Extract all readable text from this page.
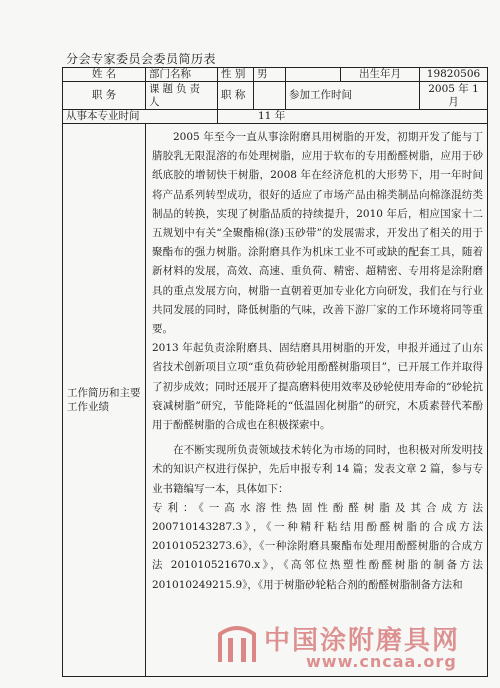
分会专家委员会委员简历表
姓 名	部门名称	性 别	男		出生年月	19820506
职 务	课题负责人	职 称		参加工作时间		2005 年 1 月
从事本专业时间		11 年				
工作简历和主要工作业绩	2005 年至今一直从事涂附磨具用树脂的开发，初期开发了能与丁腈胶乳无限混溶的布处理树脂，应用于软布的专用酚醛树脂，应用于砂纸底胶的增韧快干树脂，2008 年在经济危机的大形势下，用一年时间将产品系列转型成功，很好的适应了市场产品由棉类制品向棉涤混纺类制品的转换，实现了树脂品质的持续提升，2010 年后，相应国家十二五规划中有关“全聚酯棉(涤)玉砂带”的发展需求，开发出了相关的用于聚酯布的强力树脂。涂附磨具作为机床工业不可或缺的配套工具，随着新材料的发展，高效、高速、重负荷、精密、超精密、专用将是涂附磨具的重点发展方向，树脂一直朝着更加专业化方向研发，我们在与行业共同发展的同时，降低树脂的气味，改善下游厂家的工作环境将同等重要。

2013 年起负责涂附磨具、固结磨具用树脂的开发，申报并通过了山东省技术创新项目立项“重负荷砂轮用酚醛树脂项目”，已开展工作并取得了初步成效；同时还展开了提高磨料使用效率及砂轮使用寿命的“砂轮抗衰减树脂”研究，节能降耗的“低温固化树脂”的研究，木质素替代苯酚用于酚醛树脂的合成也在积极探索中。

在不断实现所负责领域技术转化为市场的同时，也积极对所发明技术的知识产权进行保护，先后申报专利 14 篇；发表文章 2 篇，参与专业书籍编写一本，具体如下：

专利：《一高水溶性热固性酚醛树脂及其合成方法 200710143287.3》，《一种精秆粘结用酚醛树脂的合成方法 201010523273.6》，《一种涂附磨具聚酯布处理用酚醛树脂的合成方法 201010521670.x》，《高邻位热塑性酚醛树脂的制备方法 201010249215.9》，《用于树脂砂轮粘合剂的酚醛树脂制备方法和					

中国涂附磨具网
www.cncaa.org
